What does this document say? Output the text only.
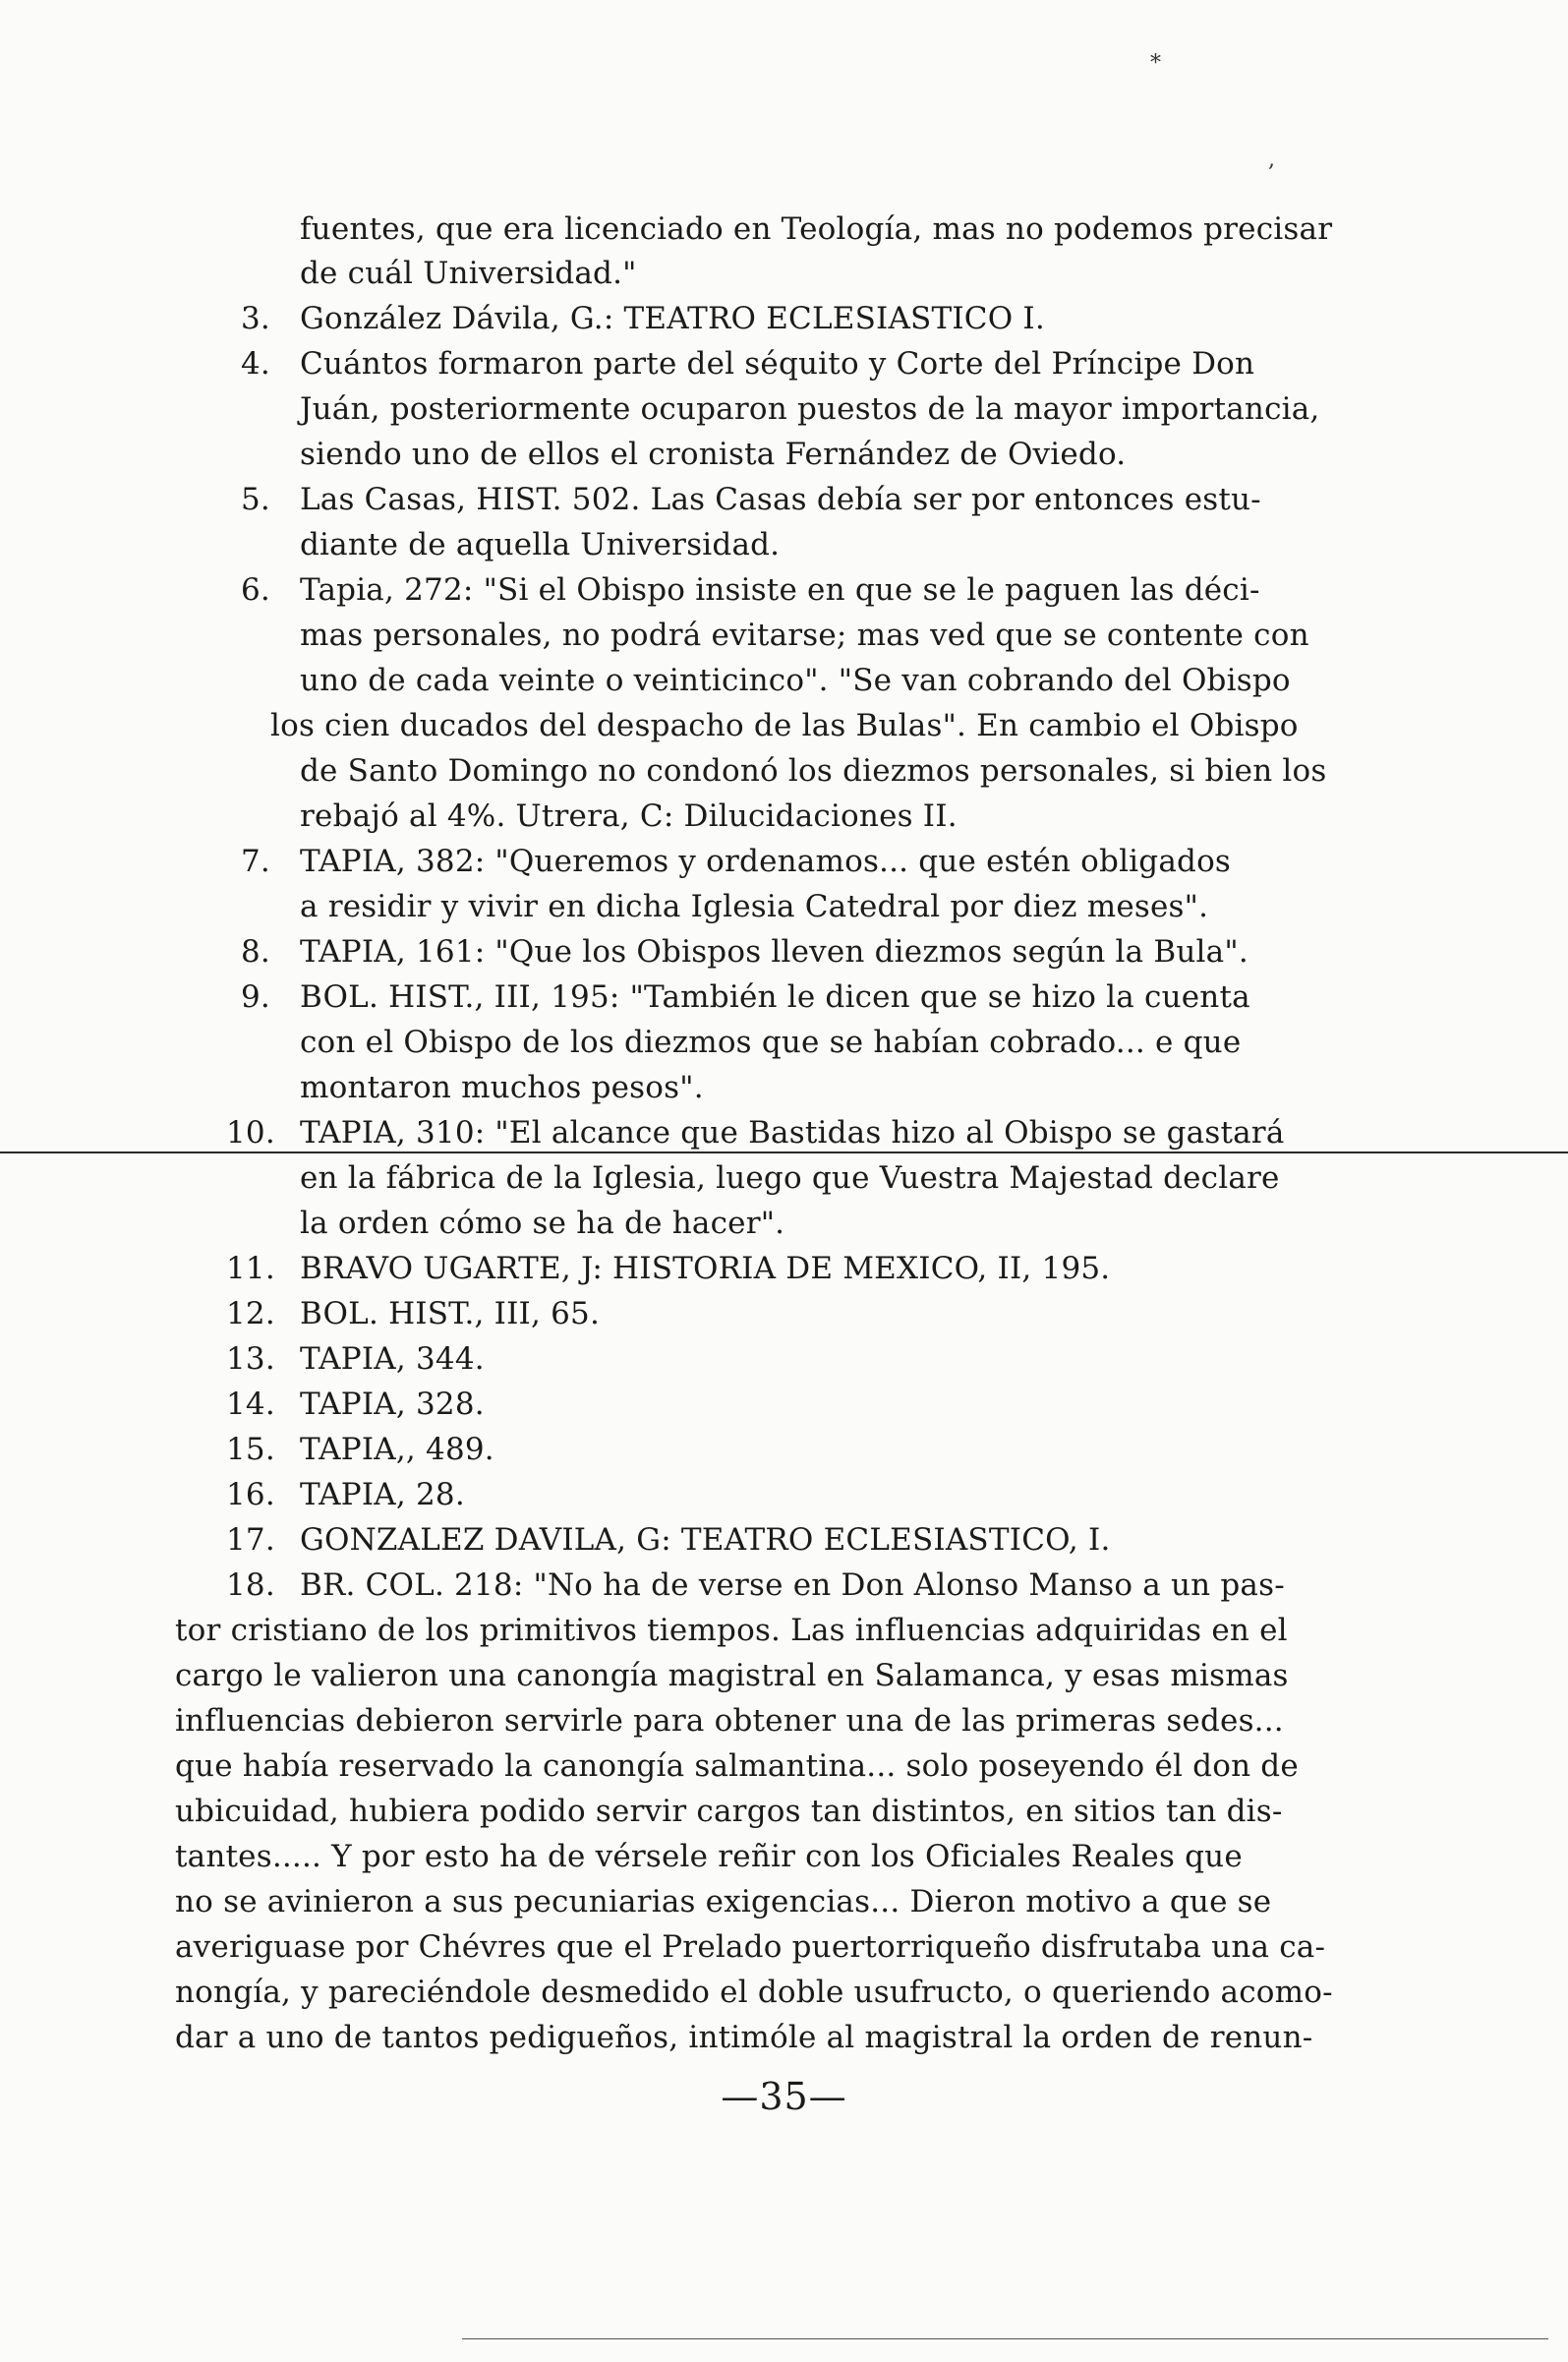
*
,
fuentes, que era licenciado en Teología, mas no podemos precisar
de cuál Universidad."
3. González Dávila, G.: TEATRO ECLESIASTICO I.
4. Cuántos formaron parte del séquito y Corte del Príncipe Don
Juán, posteriormente ocuparon puestos de la mayor importancia,
siendo uno de ellos el cronista Fernández de Oviedo.
5. Las Casas, HIST. 502. Las Casas debía ser por entonces estu-
diante de aquella Universidad.
6. Tapia, 272: "Si el Obispo insiste en que se le paguen las déci-
mas personales, no podrá evitarse; mas ved que se contente con
uno de cada veinte o veinticinco". "Se van cobrando del Obispo
los cien ducados del despacho de las Bulas". En cambio el Obispo
de Santo Domingo no condonó los diezmos personales, si bien los
rebajó al 4%. Utrera, C: Dilucidaciones II.
7. TAPIA, 382: "Queremos y ordenamos... que estén obligados
a residir y vivir en dicha Iglesia Catedral por diez meses".
8. TAPIA, 161: "Que los Obispos lleven diezmos según la Bula".
9. BOL. HIST., III, 195: "También le dicen que se hizo la cuenta
con el Obispo de los diezmos que se habían cobrado... e que
montaron muchos pesos".
10. TAPIA, 310: "El alcance que Bastidas hizo al Obispo se gastará
en la fábrica de la Iglesia, luego que Vuestra Majestad declare
la orden cómo se ha de hacer".
11. BRAVO UGARTE, J: HISTORIA DE MEXICO, II, 195.
12. BOL. HIST., III, 65.
13. TAPIA, 344.
14. TAPIA, 328.
15. TAPIA,, 489.
16. TAPIA, 28.
17. GONZALEZ DAVILA, G: TEATRO ECLESIASTICO, I.
18. BR. COL. 218: "No ha de verse en Don Alonso Manso a un pas-
tor cristiano de los primitivos tiempos. Las influencias adquiridas en el
cargo le valieron una canongía magistral en Salamanca, y esas mismas
influencias debieron servirle para obtener una de las primeras sedes...
que había reservado la canongía salmantina... solo poseyendo él don de
ubicuidad, hubiera podido servir cargos tan distintos, en sitios tan dis-
tantes..... Y por esto ha de vérsele reñir con los Oficiales Reales que
no se avinieron a sus pecuniarias exigencias... Dieron motivo a que se
averiguase por Chévres que el Prelado puertorriqueño disfrutaba una ca-
nongía, y pareciéndole desmedido el doble usufructo, o queriendo acomo-
dar a uno de tantos pedigueños, intimóle al magistral la orden de renun-
—35—
